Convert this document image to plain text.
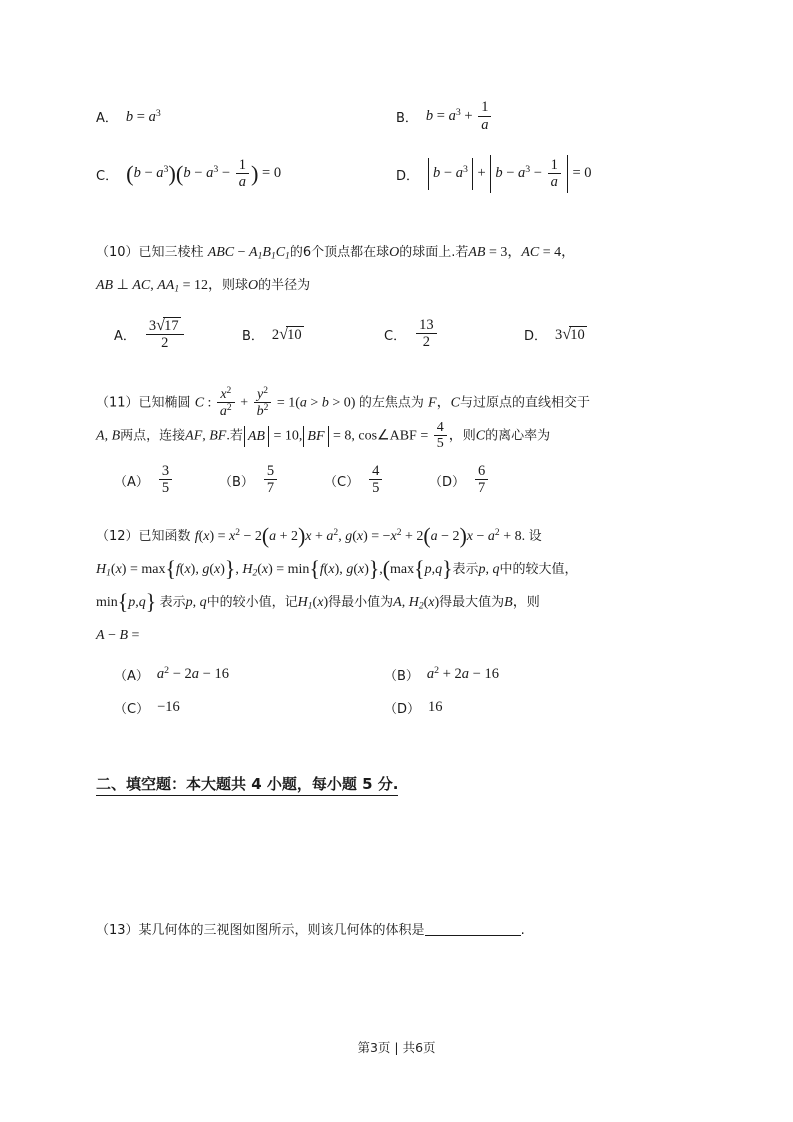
A． $b = a^3$	B． $b = a^3 + \frac{1}{a}$
C． $(b - a^3)(b - a^3 - \frac{1}{a}$ ) = 0	D． $b - a^3 + b - a^3 - \frac{1}{a} = 0$
（10）已知三棱柱 ABC − $A_1B_1C_1$的6个顶点都在球O的球面上.若AB = 3，AC = 4，
AB ⊥ AC, $AA_1 = 12$，则球O的半径为
A． $\frac{3√17}{2}$	B． 2√10	C． $\frac{13}{2}$	D． 3√10
（11）已知椭圆 C : $\frac{x^2}{a^2} + \frac{y^2}{b^2} = 1(a > b > 0)$ 的左焦点为 F，C与过原点的直线相交于
A, B两点，连接AF, BF.若 AB = 10, BF = 8, cos∠ABF = $\frac{4}{5}$ ，则C的离心率为
$(A) \frac{3}{5}$	$(B) \frac{5}{7}$	$(C) \frac{4}{5}$	$(D) \frac{6}{7}$
（12）已知函数 $f(x) = x^2 - 2(a + 2)x + a^2$, $g(x) = -x^2 + 2(a - 2)x - a^2 + 8$. 设
$H_1(x) = \max\{f(x)$, g(x)}, $H_2(x) = \min\{f(x)$, g(x)},(max{p,q}表示p, q中的较大值，
min{p,q} 表示p, q中的较小值，记$H_1(x)$得最小值为A, $H_2(x)$得最大值为B，则
A − B =
（A） $a^2 - 2a - 16$	（B） $a^2 + 2a - 16$
（C） −16	（D） 16
二、填空题：本大题共 4 小题，每小题 5 分.
（13）某几何体的三视图如图所示，则该几何体的体积是	.
第3页 | 共6页
